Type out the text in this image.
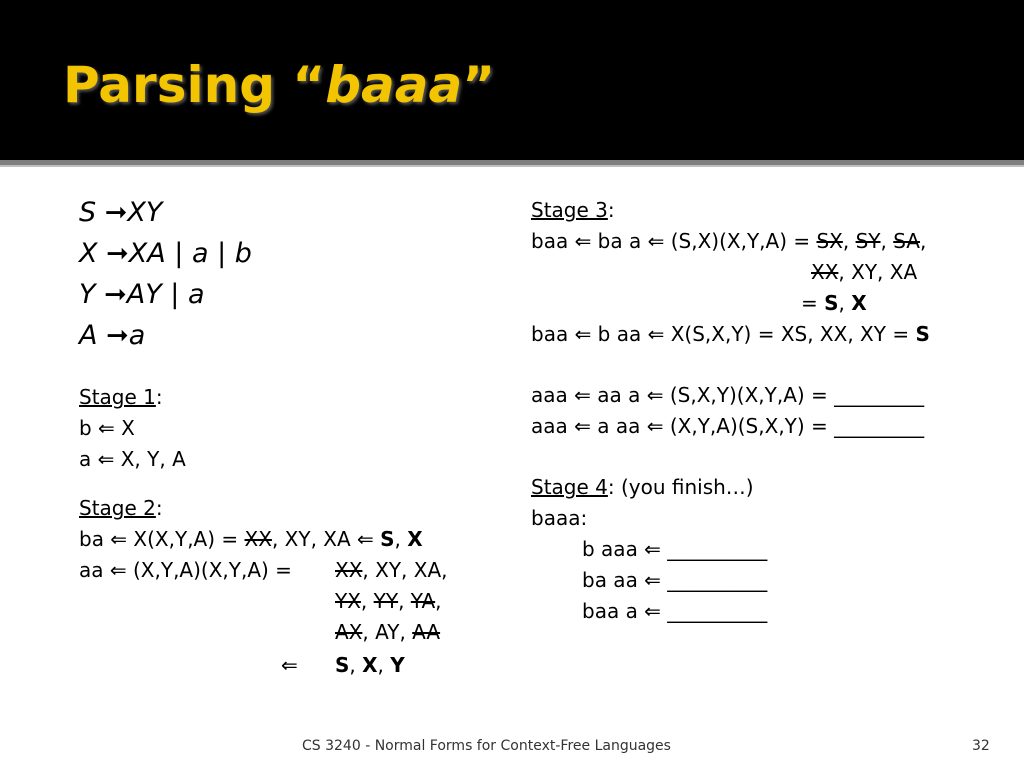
Parsing “baaa”
S ➞XY
X ➞XA | a | b
Y ➞AY | a
A ➞a
Stage 1:
b ⇐ X
a ⇐ X, Y, A
Stage 2:
ba ⇐ X(X,Y,A) = XX, XY, XA ⇐ S, X
aa ⇐ (X,Y,A)(X,Y,A) = XX, XY, XA,
YX, YY, YA,
AX, AY, AA
⇐ S, X, Y
Stage 3:
baa ⇐ ba a ⇐ (S,X)(X,Y,A) = SX, SY, SA,
XX, XY, XA
= S, X
baa ⇐ b aa ⇐ X(S,X,Y) = XS, XX, XY = S
aaa ⇐ aa a ⇐ (S,X,Y)(X,Y,A) = _________
aaa ⇐ a aa ⇐ (X,Y,A)(S,X,Y) = _________
Stage 4: (you finish…)
baaa:
b aaa ⇐ __________
ba aa ⇐ __________
baa a ⇐ __________
CS 3240 - Normal Forms for Context-Free Languages	32
